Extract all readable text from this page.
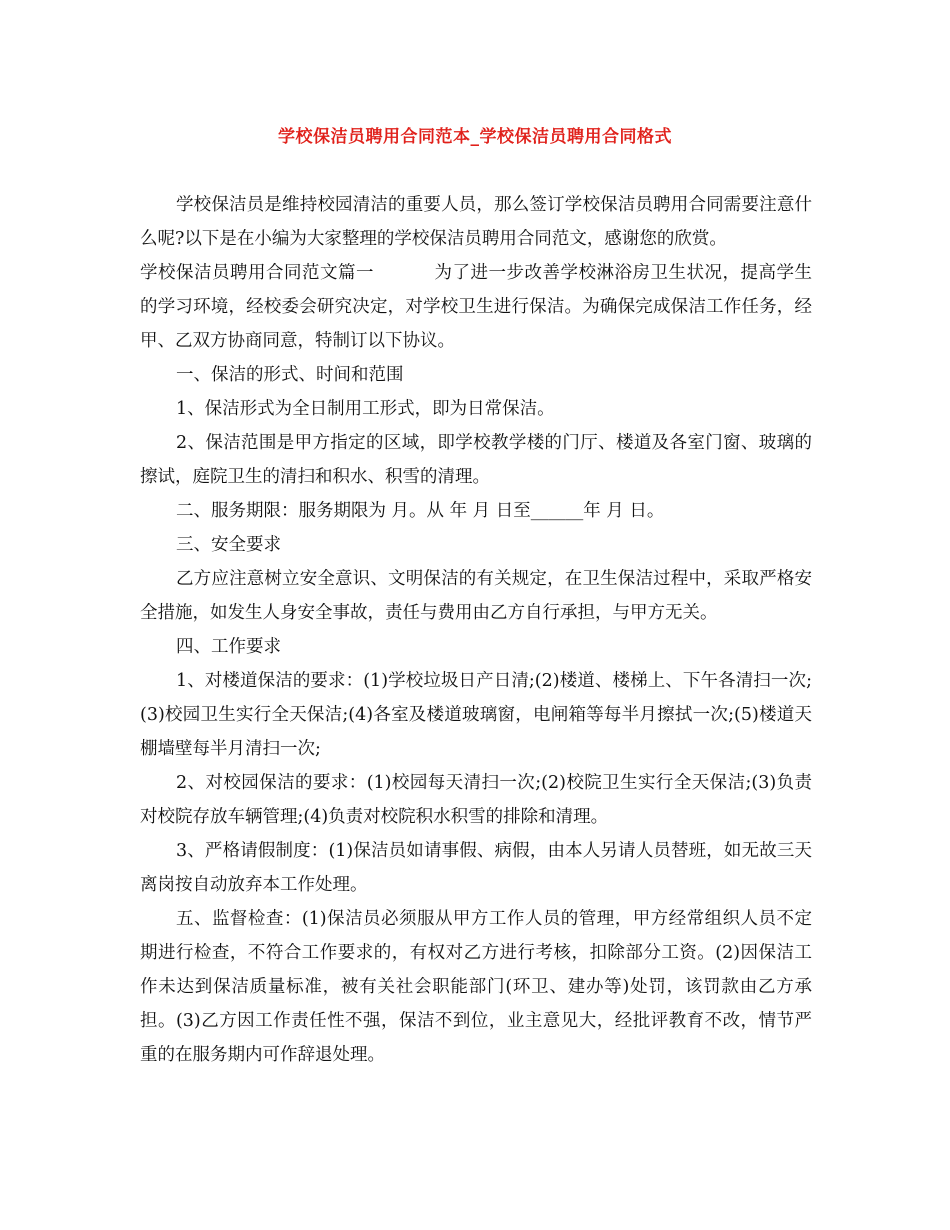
学校保洁员聘用合同范本_学校保洁员聘用合同格式

学校保洁员是维持校园清洁的重要人员，那么签订学校保洁员聘用合同需要注意什么呢?以下是在小编为大家整理的学校保洁员聘用合同范文，感谢您的欣赏。

学校保洁员聘用合同范文篇一	为了进一步改善学校淋浴房卫生状况，提高学生的学习环境，经校委会研究决定，对学校卫生进行保洁。为确保完成保洁工作任务，经甲、乙双方协商同意，特制订以下协议。

一、保洁的形式、时间和范围

1、保洁形式为全日制用工形式，即为日常保洁。

2、保洁范围是甲方指定的区域，即学校教学楼的门厅、楼道及各室门窗、玻璃的擦试，庭院卫生的清扫和积水、积雪的清理。

二、服务期限：服务期限为 月。从 年 月 日至______年 月 日。

三、安全要求

乙方应注意树立安全意识、文明保洁的有关规定，在卫生保洁过程中，采取严格安全措施，如发生人身安全事故，责任与费用由乙方自行承担，与甲方无关。

四、工作要求

1、对楼道保洁的要求：(1)学校垃圾日产日清;(2)楼道、楼梯上、下午各清扫一次;(3)校园卫生实行全天保洁;(4)各室及楼道玻璃窗，电闸箱等每半月擦拭一次;(5)楼道天棚墙壁每半月清扫一次;

2、对校园保洁的要求：(1)校园每天清扫一次;(2)校院卫生实行全天保洁;(3)负责对校院存放车辆管理;(4)负责对校院积水积雪的排除和清理。

3、严格请假制度：(1)保洁员如请事假、病假，由本人另请人员替班，如无故三天离岗按自动放弃本工作处理。

五、监督检查：(1)保洁员必须服从甲方工作人员的管理，甲方经常组织人员不定期进行检查，不符合工作要求的，有权对乙方进行考核，扣除部分工资。(2)因保洁工作未达到保洁质量标准，被有关社会职能部门(环卫、建办等)处罚，该罚款由乙方承担。(3)乙方因工作责任性不强，保洁不到位，业主意见大，经批评教育不改，情节严重的在服务期内可作辞退处理。
